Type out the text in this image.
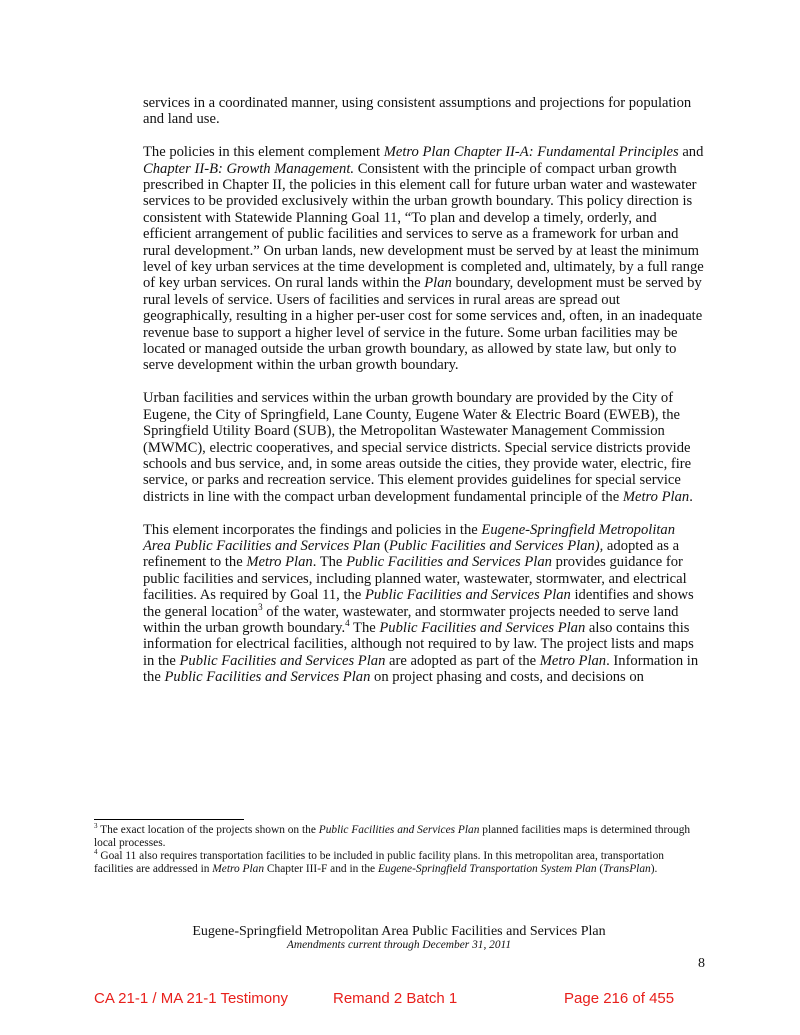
services in a coordinated manner, using consistent assumptions and projections for population and land use.

The policies in this element complement Metro Plan Chapter II-A: Fundamental Principles and Chapter II-B: Growth Management. Consistent with the principle of compact urban growth prescribed in Chapter II, the policies in this element call for future urban water and wastewater services to be provided exclusively within the urban growth boundary. This policy direction is consistent with Statewide Planning Goal 11, “To plan and develop a timely, orderly, and efficient arrangement of public facilities and services to serve as a framework for urban and rural development.” On urban lands, new development must be served by at least the minimum level of key urban services at the time development is completed and, ultimately, by a full range of key urban services. On rural lands within the Plan boundary, development must be served by rural levels of service. Users of facilities and services in rural areas are spread out geographically, resulting in a higher per-user cost for some services and, often, in an inadequate revenue base to support a higher level of service in the future. Some urban facilities may be located or managed outside the urban growth boundary, as allowed by state law, but only to serve development within the urban growth boundary.

Urban facilities and services within the urban growth boundary are provided by the City of Eugene, the City of Springfield, Lane County, Eugene Water & Electric Board (EWEB), the Springfield Utility Board (SUB), the Metropolitan Wastewater Management Commission (MWMC), electric cooperatives, and special service districts. Special service districts provide schools and bus service, and, in some areas outside the cities, they provide water, electric, fire service, or parks and recreation service. This element provides guidelines for special service districts in line with the compact urban development fundamental principle of the Metro Plan.

This element incorporates the findings and policies in the Eugene-Springfield Metropolitan Area Public Facilities and Services Plan (Public Facilities and Services Plan), adopted as a refinement to the Metro Plan. The Public Facilities and Services Plan provides guidance for public facilities and services, including planned water, wastewater, stormwater, and electrical facilities. As required by Goal 11, the Public Facilities and Services Plan identifies and shows the general location$^3$ of the water, wastewater, and stormwater projects needed to serve land within the urban growth boundary.$^4$ The Public Facilities and Services Plan also contains this information for electrical facilities, although not required to by law. The project lists and maps in the Public Facilities and Services Plan are adopted as part of the Metro Plan. Information in the Public Facilities and Services Plan on project phasing and costs, and decisions on

$^3$ The exact location of the projects shown on the Public Facilities and Services Plan planned facilities maps is determined through local processes.

$^4$ Goal 11 also requires transportation facilities to be included in public facility plans. In this metropolitan area, transportation facilities are addressed in Metro Plan Chapter III-F and in the Eugene-Springfield Transportation System Plan (TransPlan).

Eugene-Springfield Metropolitan Area Public Facilities and Services Plan
Amendments current through December 31, 2011
8
CA 21-1 / MA 21-1 Testimony	Remand 2 Batch 1	Page 216 of 455
